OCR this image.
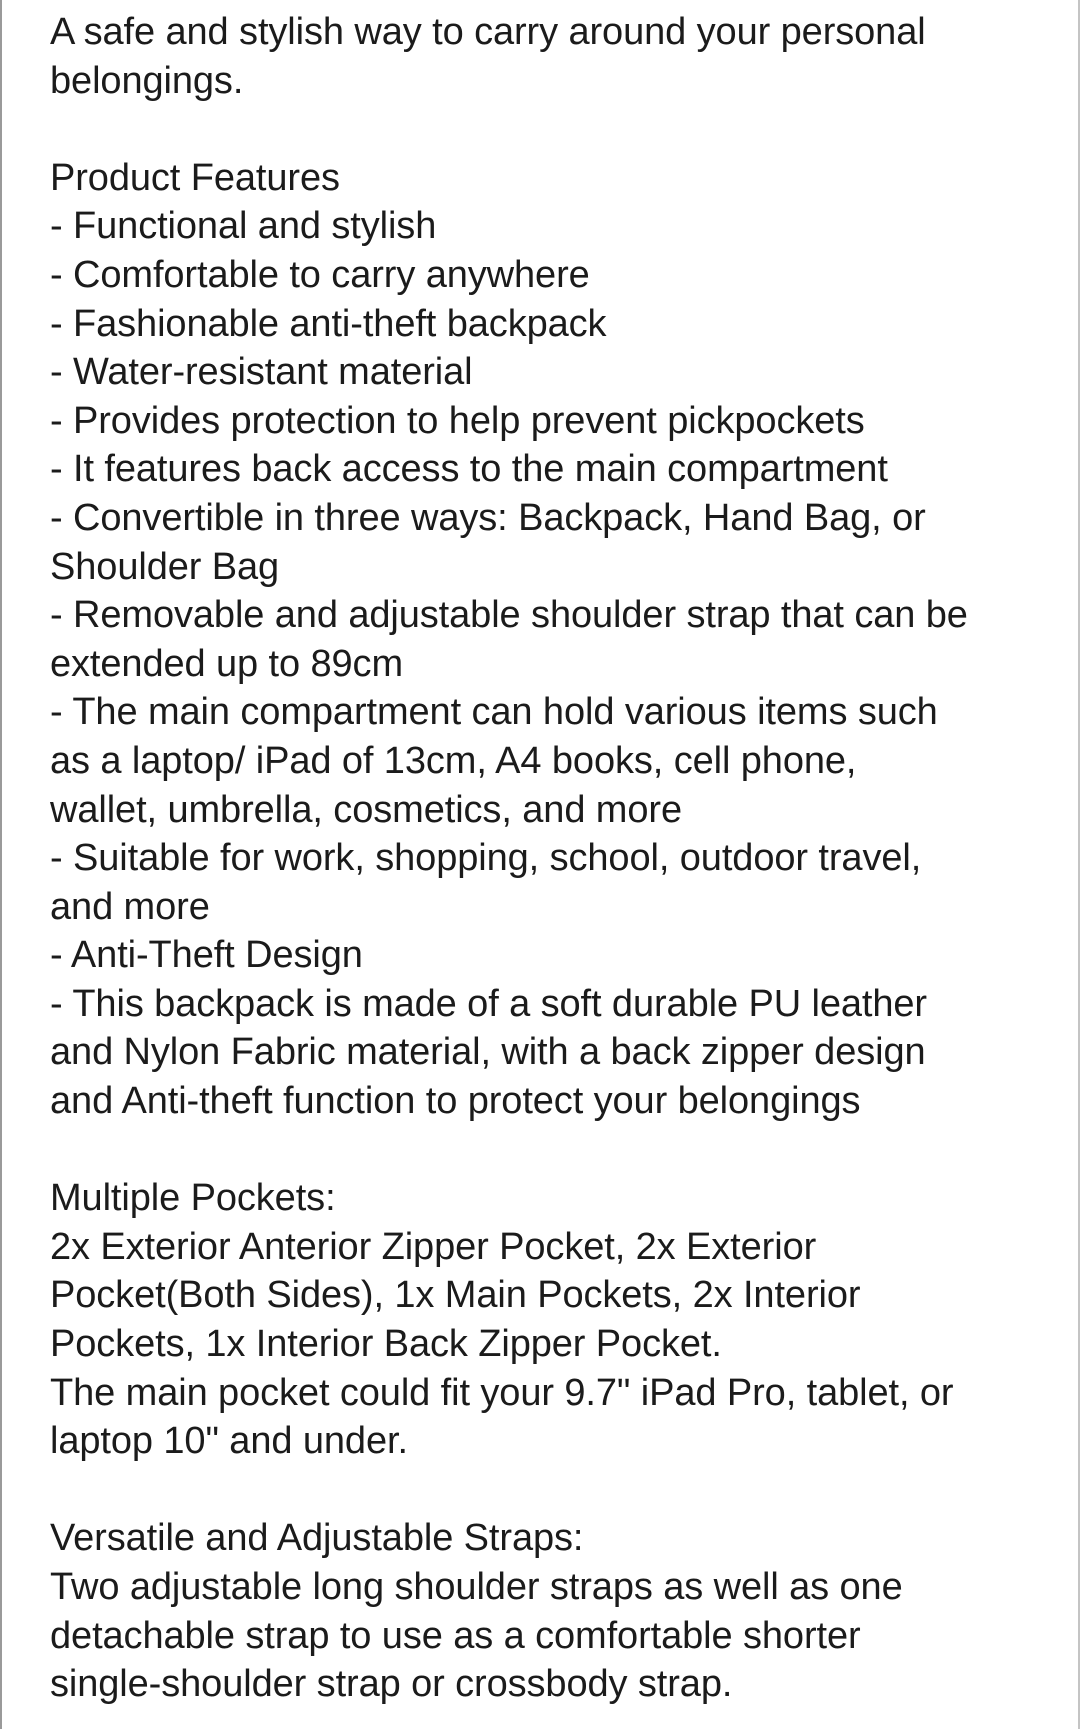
A safe and stylish way to carry around your personal
belongings.
Product Features
- Functional and stylish
- Comfortable to carry anywhere
- Fashionable anti-theft backpack
- Water-resistant material
- Provides protection to help prevent pickpockets
- It features back access to the main compartment
- Convertible in three ways: Backpack, Hand Bag, or
Shoulder Bag
- Removable and adjustable shoulder strap that can be
extended up to 89cm
- The main compartment can hold various items such
as a laptop/ iPad of 13cm, A4 books, cell phone,
wallet, umbrella, cosmetics, and more
- Suitable for work, shopping, school, outdoor travel,
and more
- Anti-Theft Design
- This backpack is made of a soft durable PU leather
and Nylon Fabric material, with a back zipper design
and Anti-theft function to protect your belongings
Multiple Pockets:
2x Exterior Anterior Zipper Pocket, 2x Exterior
Pocket(Both Sides), 1x Main Pockets, 2x Interior
Pockets, 1x Interior Back Zipper Pocket.
The main pocket could fit your 9.7" iPad Pro, tablet, or
laptop 10" and under.
Versatile and Adjustable Straps:
Two adjustable long shoulder straps as well as one
detachable strap to use as a comfortable shorter
single-shoulder strap or crossbody strap.
